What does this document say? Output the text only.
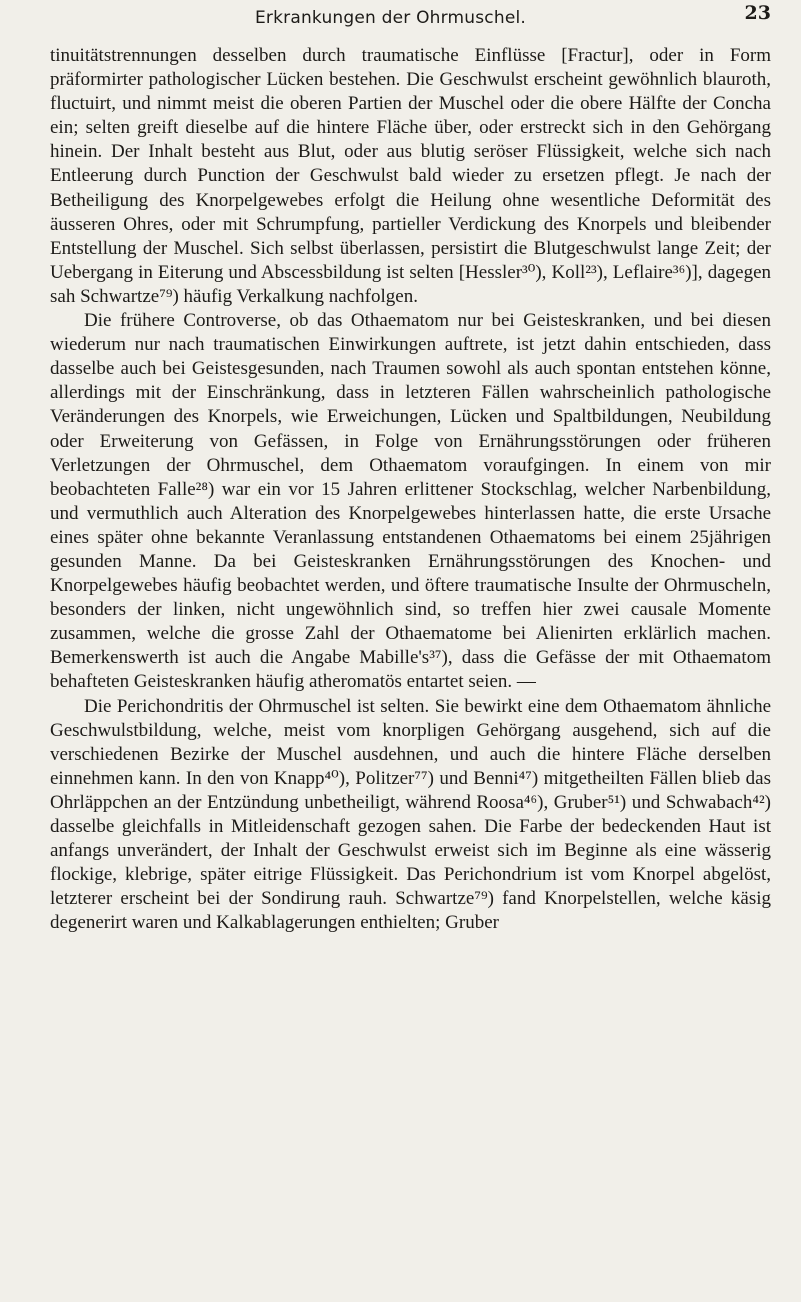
Erkrankungen der Ohrmuschel.	23

tinuitätstrennungen desselben durch traumatische Einflüsse [Fractur], oder in Form präformirter pathologischer Lücken bestehen. Die Geschwulst erscheint gewöhnlich blauroth, fluctuirt, und nimmt meist die oberen Partien der Muschel oder die obere Hälfte der Concha ein; selten greift dieselbe auf die hintere Fläche über, oder erstreckt sich in den Gehörgang hinein. Der Inhalt besteht aus Blut, oder aus blutig seröser Flüssigkeit, welche sich nach Entleerung durch Punction der Geschwulst bald wieder zu ersetzen pflegt. Je nach der Betheiligung des Knorpelgewebes erfolgt die Heilung ohne wesentliche Deformität des äusseren Ohres, oder mit Schrumpfung, partieller Verdickung des Knorpels und bleibender Entstellung der Muschel. Sich selbst überlassen, persistirt die Blutgeschwulst lange Zeit; der Uebergang in Eiterung und Abscessbildung ist selten [Hessler³⁰), Koll²³), Leflaire³⁶)], dagegen sah Schwartze⁷⁹) häufig Verkalkung nachfolgen.

Die frühere Controverse, ob das Othaematom nur bei Geisteskranken, und bei diesen wiederum nur nach traumatischen Einwirkungen auftrete, ist jetzt dahin entschieden, dass dasselbe auch bei Geistesgesunden, nach Traumen sowohl als auch spontan entstehen könne, allerdings mit der Einschränkung, dass in letzteren Fällen wahrscheinlich pathologische Veränderungen des Knorpels, wie Erweichungen, Lücken und Spaltbildungen, Neubildung oder Erweiterung von Gefässen, in Folge von Ernährungsstörungen oder früheren Verletzungen der Ohrmuschel, dem Othaematom voraufgingen. In einem von mir beobachteten Falle²⁸) war ein vor 15 Jahren erlittener Stockschlag, welcher Narbenbildung, und vermuthlich auch Alteration des Knorpelgewebes hinterlassen hatte, die erste Ursache eines später ohne bekannte Veranlassung entstandenen Othaematoms bei einem 25jährigen gesunden Manne. Da bei Geisteskranken Ernährungsstörungen des Knochen- und Knorpelgewebes häufig beobachtet werden, und öftere traumatische Insulte der Ohrmuscheln, besonders der linken, nicht ungewöhnlich sind, so treffen hier zwei causale Momente zusammen, welche die grosse Zahl der Othaematome bei Alienirten erklärlich machen. Bemerkenswerth ist auch die Angabe Mabille's³⁷), dass die Gefässe der mit Othaematom behafteten Geisteskranken häufig atheromatös entartet seien. —

Die Perichondritis der Ohrmuschel ist selten. Sie bewirkt eine dem Othaematom ähnliche Geschwulstbildung, welche, meist vom knorpligen Gehörgang ausgehend, sich auf die verschiedenen Bezirke der Muschel ausdehnen, und auch die hintere Fläche derselben einnehmen kann. In den von Knapp⁴⁰), Politzer⁷⁷) und Benni⁴⁷) mitgetheilten Fällen blieb das Ohrläppchen an der Entzündung unbetheiligt, während Roosa⁴⁶), Gruber⁵¹) und Schwabach⁴²) dasselbe gleichfalls in Mitleidenschaft gezogen sahen. Die Farbe der bedeckenden Haut ist anfangs unverändert, der Inhalt der Geschwulst erweist sich im Beginne als eine wässerig flockige, klebrige, später eitrige Flüssigkeit. Das Perichondrium ist vom Knorpel abgelöst, letzterer erscheint bei der Sondirung rauh. Schwartze⁷⁹) fand Knorpelstellen, welche käsig degenerirt waren und Kalkablagerungen enthielten; Gruber
